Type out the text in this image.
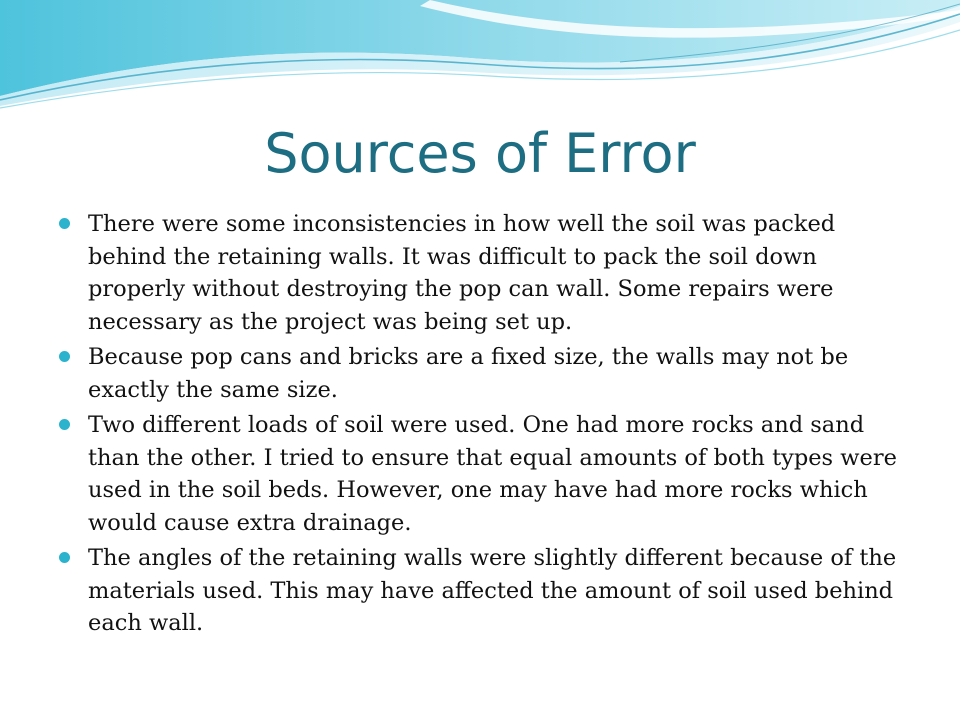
Sources of Error
There were some inconsistencies in how well the soil was packed behind the retaining walls. It was difficult to pack the soil down properly without destroying the pop can wall. Some repairs were necessary as the project was being set up.
Because pop cans and bricks are a fixed size, the walls may not be exactly the same size.
Two different loads of soil were used. One had more rocks and sand than the other. I tried to ensure that equal amounts of both types were used in the soil beds. However, one may have had more rocks which would cause extra drainage.
The angles of the retaining walls were slightly different because of the materials used. This may have affected the amount of soil used behind each wall.
